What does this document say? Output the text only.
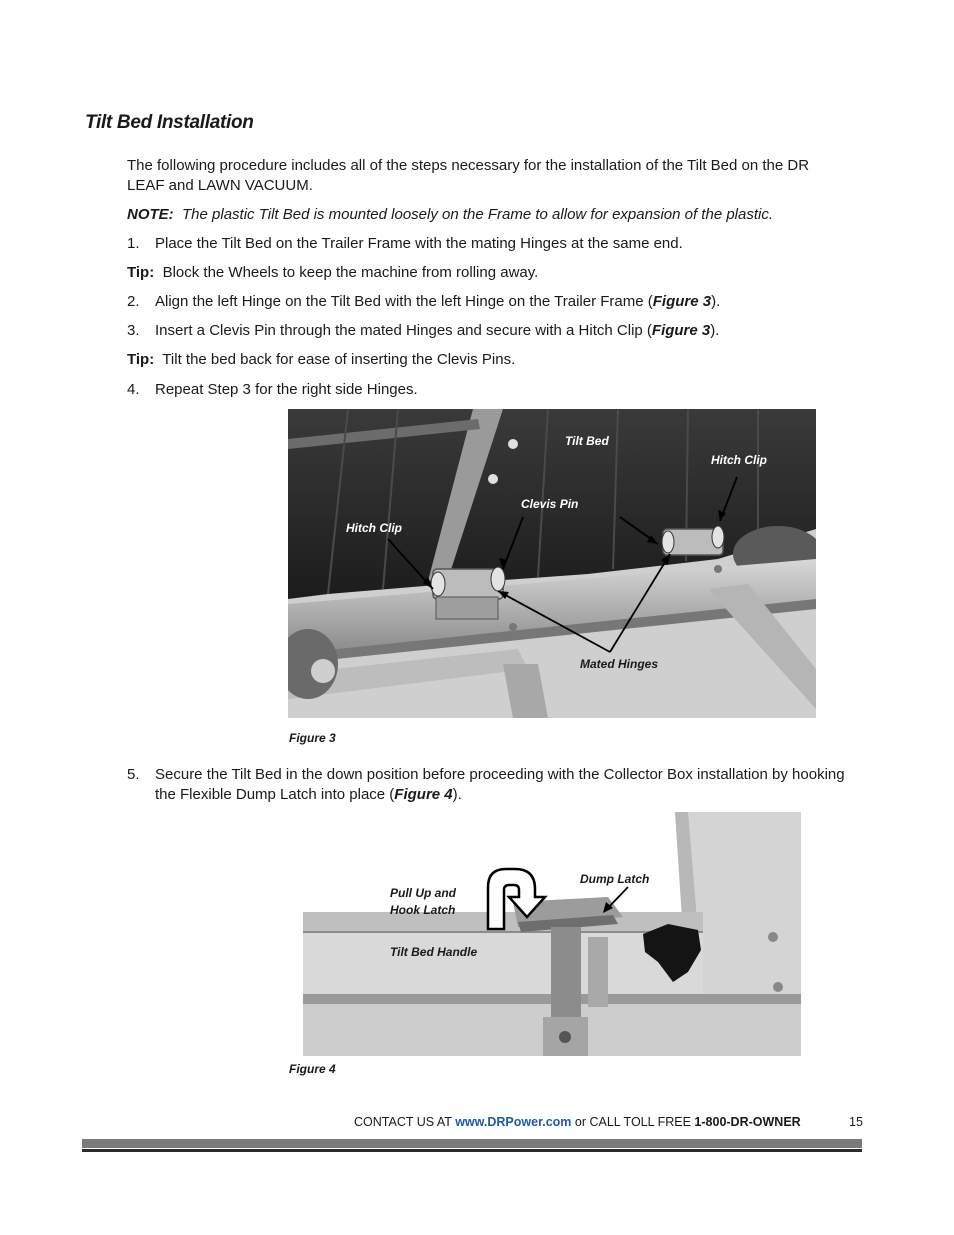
Tilt Bed Installation
The following procedure includes all of the steps necessary for the installation of the Tilt Bed on the DR LEAF and LAWN VACUUM.
NOTE: The plastic Tilt Bed is mounted loosely on the Frame to allow for expansion of the plastic.
1. Place the Tilt Bed on the Trailer Frame with the mating Hinges at the same end.
Tip: Block the Wheels to keep the machine from rolling away.
2. Align the left Hinge on the Tilt Bed with the left Hinge on the Trailer Frame (Figure 3).
3. Insert a Clevis Pin through the mated Hinges and secure with a Hitch Clip (Figure 3).
Tip: Tilt the bed back for ease of inserting the Clevis Pins.
4. Repeat Step 3 for the right side Hinges.
Tilt Bed
Hitch Clip
Clevis Pin
Hitch Clip
Mated Hinges
Figure 3
5. Secure the Tilt Bed in the down position before proceeding with the Collector Box installation by hooking the Flexible Dump Latch into place (Figure 4).
Dump Latch
Pull Up and
Hook Latch
Tilt Bed Handle
Figure 4
CONTACT US AT www.DRPower.com or CALL TOLL FREE 1-800-DR-OWNER	15
